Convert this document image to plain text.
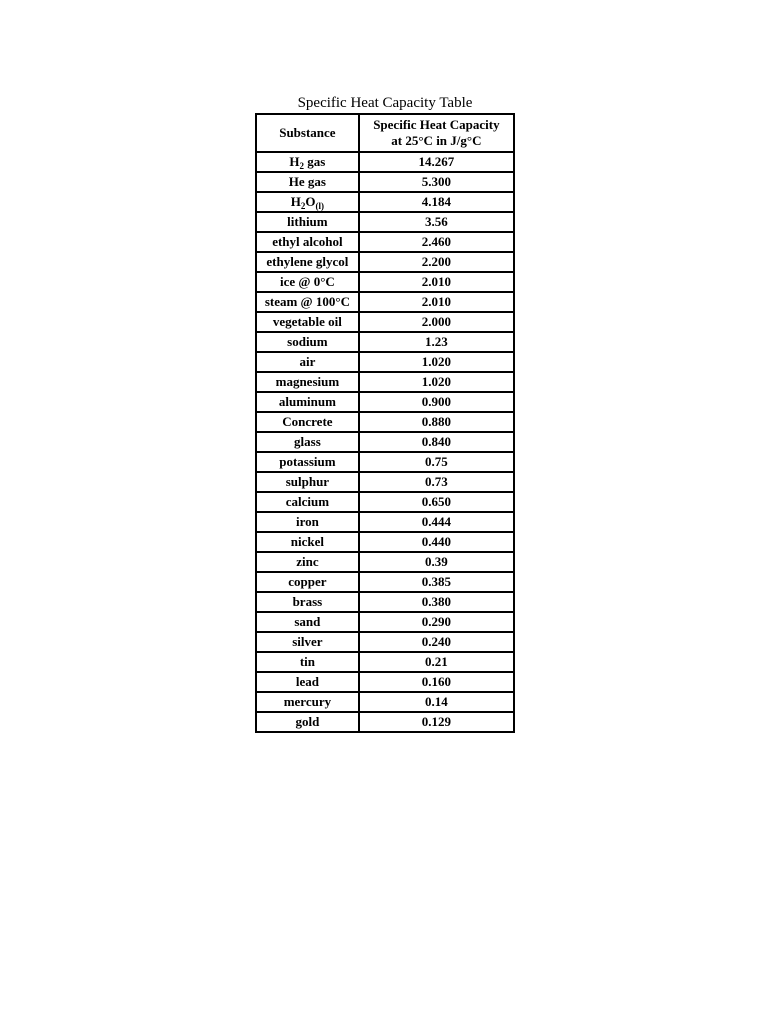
Specific Heat Capacity Table
Substance	Specific Heat Capacity
at 25°C in J/g°C

$H_2$ gas	14.267
He gas	5.300
$H_2O_{(l)}$	4.184
lithium	3.56
ethyl alcohol	2.460
ethylene glycol	2.200
ice @ 0°C	2.010
steam @ 100°C	2.010
vegetable oil	2.000
sodium	1.23
air	1.020
magnesium	1.020
aluminum	0.900
Concrete	0.880
glass	0.840
potassium	0.75
sulphur	0.73
calcium	0.650
iron	0.444
nickel	0.440
zinc	0.39
copper	0.385
brass	0.380
sand	0.290
silver	0.240
tin	0.21
lead	0.160
mercury	0.14
gold	0.129
